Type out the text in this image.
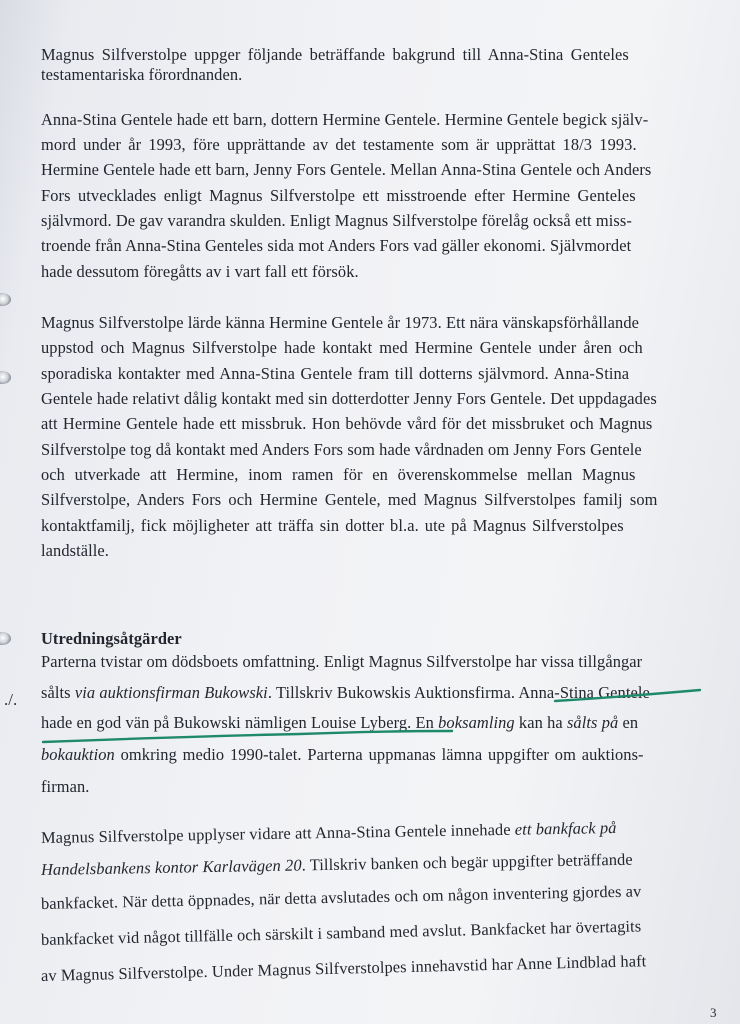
Magnus Silfverstolpe uppger följande beträffande bakgrund till Anna-Stina Genteles
testamentariska förordnanden.
Anna-Stina Gentele hade ett barn, dottern Hermine Gentele. Hermine Gentele begick själv-
mord under år 1993, före upprättande av det testamente som är upprättat 18/3 1993.
Hermine Gentele hade ett barn, Jenny Fors Gentele. Mellan Anna-Stina Gentele och Anders
Fors utvecklades enligt Magnus Silfverstolpe ett misstroende efter Hermine Genteles
självmord. De gav varandra skulden. Enligt Magnus Silfverstolpe förelåg också ett miss-
troende från Anna-Stina Genteles sida mot Anders Fors vad gäller ekonomi. Självmordet
hade dessutom föregåtts av i vart fall ett försök.
Magnus Silfverstolpe lärde känna Hermine Gentele år 1973. Ett nära vänskapsförhållande
uppstod och Magnus Silfverstolpe hade kontakt med Hermine Gentele under åren och
sporadiska kontakter med Anna-Stina Gentele fram till dotterns självmord. Anna-Stina
Gentele hade relativt dålig kontakt med sin dotterdotter Jenny Fors Gentele. Det uppdagades
att Hermine Gentele hade ett missbruk. Hon behövde vård för det missbruket och Magnus
Silfverstolpe tog då kontakt med Anders Fors som hade vårdnaden om Jenny Fors Gentele
och utverkade att Hermine, inom ramen för en överenskommelse mellan Magnus
Silfverstolpe, Anders Fors och Hermine Gentele, med Magnus Silfverstolpes familj som
kontaktfamilj, fick möjligheter att träffa sin dotter bl.a. ute på Magnus Silfverstolpes
landställe.
Utredningsåtgärder
Parterna tvistar om dödsboets omfattning. Enligt Magnus Silfverstolpe har vissa tillgångar
sålts via auktionsfirman Bukowski. Tillskriv Bukowskis Auktionsfirma. Anna-Stina Gentele
hade en god vän på Bukowski nämligen Louise Lyberg. En boksamling kan ha sålts på en
bokauktion omkring medio 1990-talet. Parterna uppmanas lämna uppgifter om auktions-
firman.
Magnus Silfverstolpe upplyser vidare att Anna-Stina Gentele innehade ett bankfack på
Handelsbankens kontor Karlavägen 20. Tillskriv banken och begär uppgifter beträffande
bankfacket. När detta öppnades, när detta avslutades och om någon inventering gjordes av
bankfacket vid något tillfälle och särskilt i samband med avslut. Bankfacket har övertagits
av Magnus Silfverstolpe. Under Magnus Silfverstolpes innehavstid har Anne Lindblad haft
./.
3
